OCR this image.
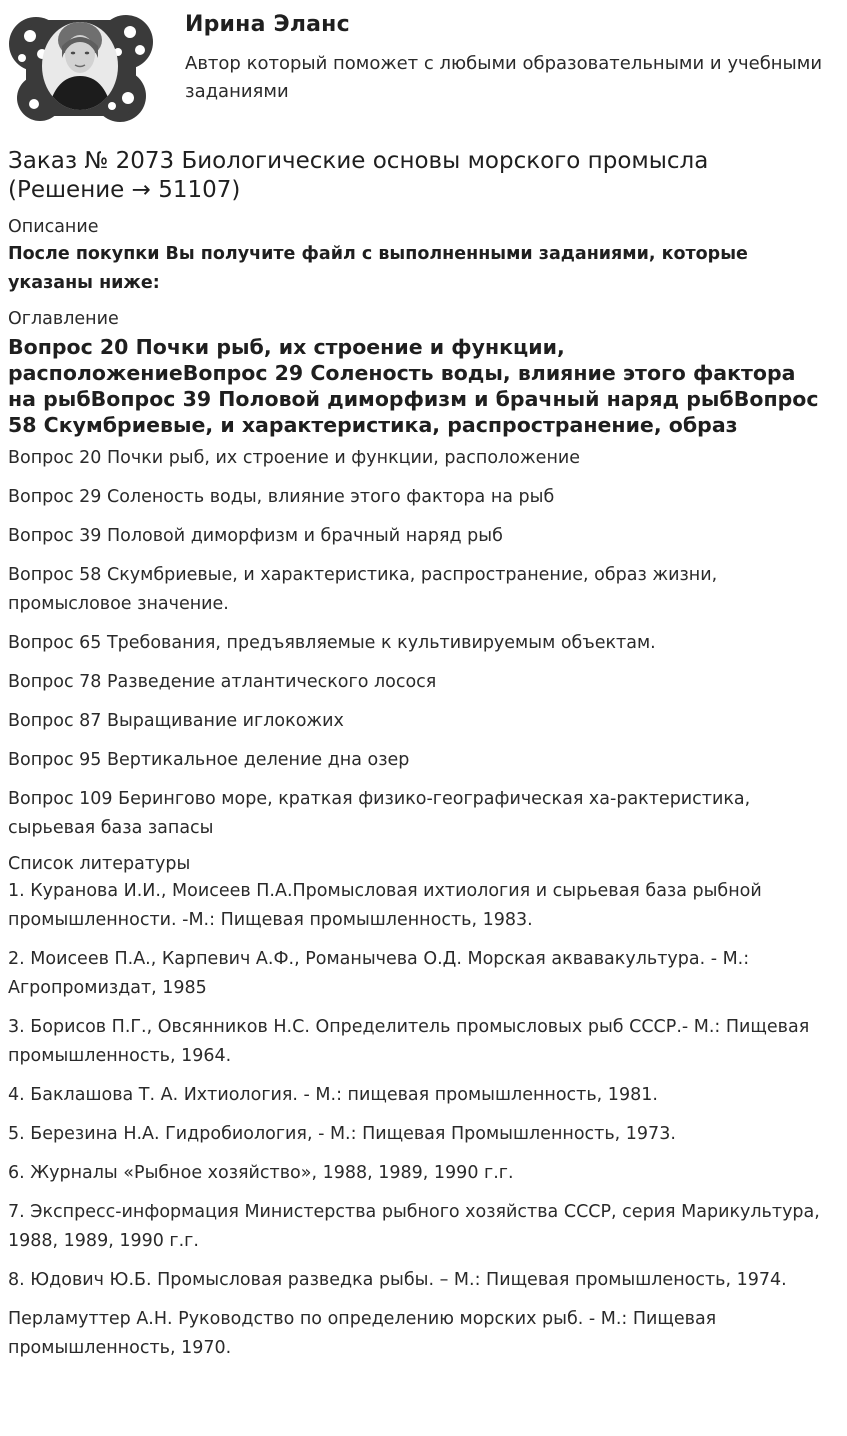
Ирина Эланс
Автор который поможет с любыми образовательными и учебными заданиями
Заказ № 2073 Биологические основы морского промысла (Решение → 51107)
Описание
После покупки Вы получите файл с выполненными заданиями, которые указаны ниже:
Оглавление
Вопрос 20 Почки рыб, их строение и функции, расположениеВопрос 29 Соленость воды, влияние этого фактора на рыбВопрос 39 Половой диморфизм и брачный наряд рыбВопрос 58 Скумбриевые, и характеристика, распространение, образ

Вопрос 20 Почки рыб, их строение и функции, расположение

Вопрос 29 Соленость воды, влияние этого фактора на рыб

Вопрос 39 Половой диморфизм и брачный наряд рыб

Вопрос 58 Скумбриевые, и характеристика, распространение, образ жизни, промысловое значение.

Вопрос 65 Требования, предъявляемые к культивируемым объектам.

Вопрос 78 Разведение атлантического лосося

Вопрос 87 Выращивание иглокожих

Вопрос 95 Вертикальное деление дна озер

Вопрос 109 Берингово море, краткая физико-географическая ха-рактеристика, сырьевая база запасы

Список литературы

1. Куранова И.И., Моисеев П.А.Промысловая ихтиология и сырьевая база рыбной промышленности. -М.: Пищевая промышленность, 1983.

2. Моисеев П.А., Карпевич А.Ф., Романычева О.Д. Морская аквавакультура. - М.: Агропромиздат, 1985

3. Борисов П.Г., Овсянников Н.С. Определитель промысловых рыб СССР.- М.: Пищевая промышленность, 1964.

4. Баклашова Т. А. Ихтиология. - М.: пищевая промышленность, 1981.

5. Березина Н.А. Гидробиология, - М.: Пищевая Промышленность, 1973.

6. Журналы «Рыбное хозяйство», 1988, 1989, 1990 г.г.

7. Экспресс-информация Министерства рыбного хозяйства СССР, серия Марикультура, 1988, 1989, 1990 г.г.

8. Юдович Ю.Б. Промысловая разведка рыбы. – М.: Пищевая промышленость, 1974.

Перламуттер А.Н. Руководство по определению морских рыб. - М.: Пищевая промышленность, 1970.
